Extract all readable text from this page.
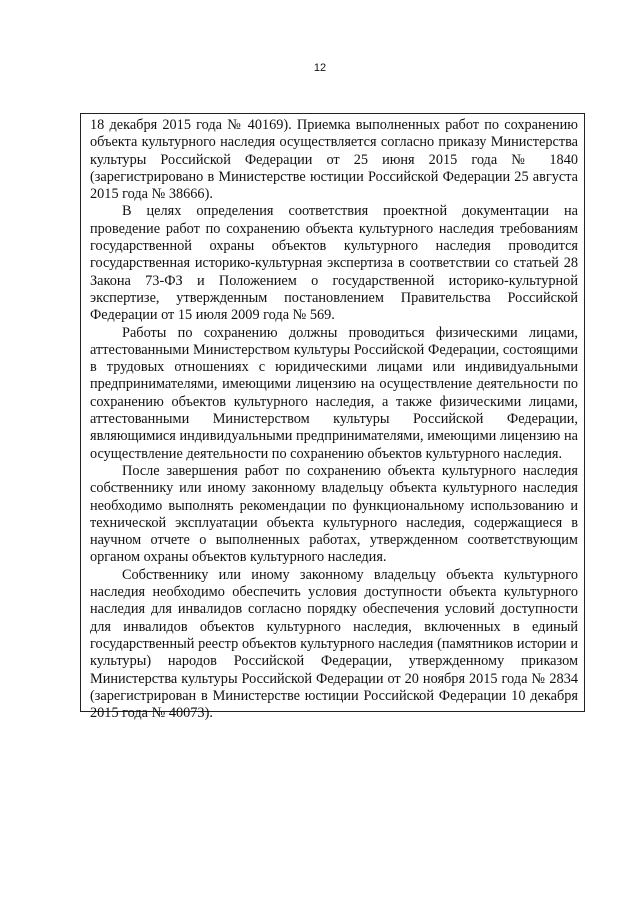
12

18 декабря 2015 года № 40169). Приемка выполненных работ по сохранению объекта культурного наследия осуществляется согласно приказу Министерства культуры Российской Федерации от 25 июня 2015 года № 1840 (зарегистрировано в Министерстве юстиции Российской Федерации 25 августа 2015 года № 38666).

В целях определения соответствия проектной документации на проведение работ по сохранению объекта культурного наследия требованиям государственной охраны объектов культурного наследия проводится государственная историко-культурная экспертиза в соответствии со статьей 28 Закона 73-ФЗ и Положением о государственной историко-культурной экспертизе, утвержденным постановлением Правительства Российской Федерации от 15 июля 2009 года № 569.

Работы по сохранению должны проводиться физическими лицами, аттестованными Министерством культуры Российской Федерации, состоящими в трудовых отношениях с юридическими лицами или индивидуальными предпринимателями, имеющими лицензию на осуществление деятельности по сохранению объектов культурного наследия, а также физическими лицами, аттестованными Министерством культуры Российской Федерации, являющимися индивидуальными предпринимателями, имеющими лицензию на осуществление деятельности по сохранению объектов культурного наследия.

После завершения работ по сохранению объекта культурного наследия собственнику или иному законному владельцу объекта культурного наследия необходимо выполнять рекомендации по функциональному использованию и технической эксплуатации объекта культурного наследия, содержащиеся в научном отчете о выполненных работах, утвержденном соответствующим органом охраны объектов культурного наследия.

Собственнику или иному законному владельцу объекта культурного наследия необходимо обеспечить условия доступности объекта культурного наследия для инвалидов согласно порядку обеспечения условий доступности для инвалидов объектов культурного наследия, включенных в единый государственный реестр объектов культурного наследия (памятников истории и культуры) народов Российской Федерации, утвержденному приказом Министерства культуры Российской Федерации от 20 ноября 2015 года № 2834 (зарегистрирован в Министерстве юстиции Российской Федерации 10 декабря 2015 года № 40073).
